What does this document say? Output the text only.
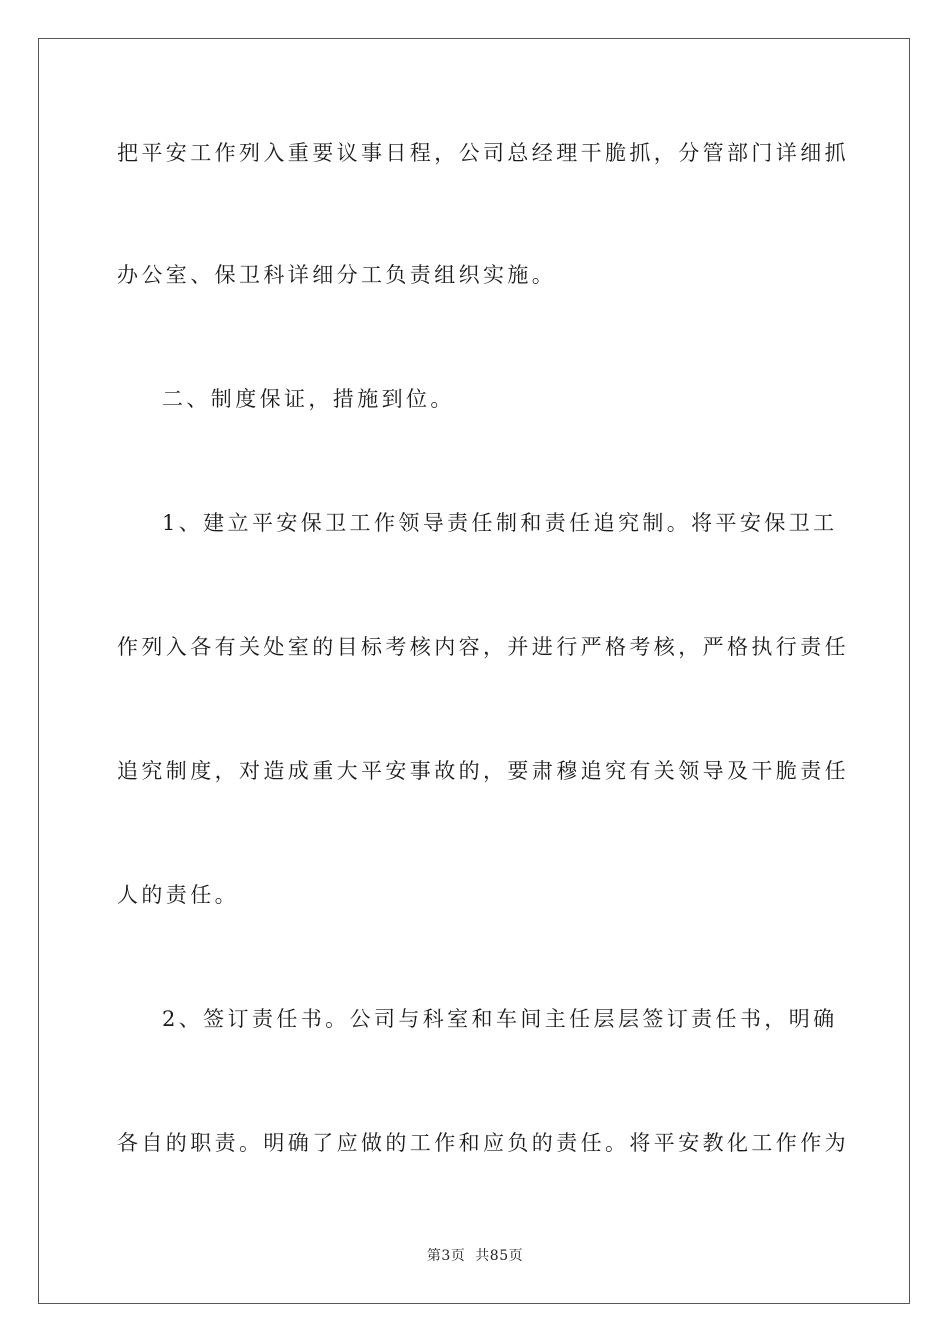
把平安工作列入重要议事日程，公司总经理干脆抓，分管部门详细抓
办公室、保卫科详细分工负责组织实施。
二、制度保证，措施到位。
1、建立平安保卫工作领导责任制和责任追究制。将平安保卫工
作列入各有关处室的目标考核内容，并进行严格考核，严格执行责任
追究制度，对造成重大平安事故的，要肃穆追究有关领导及干脆责任
人的责任。
2、签订责任书。公司与科室和车间主任层层签订责任书，明确
各自的职责。明确了应做的工作和应负的责任。将平安教化工作作为
第3页 共85页
